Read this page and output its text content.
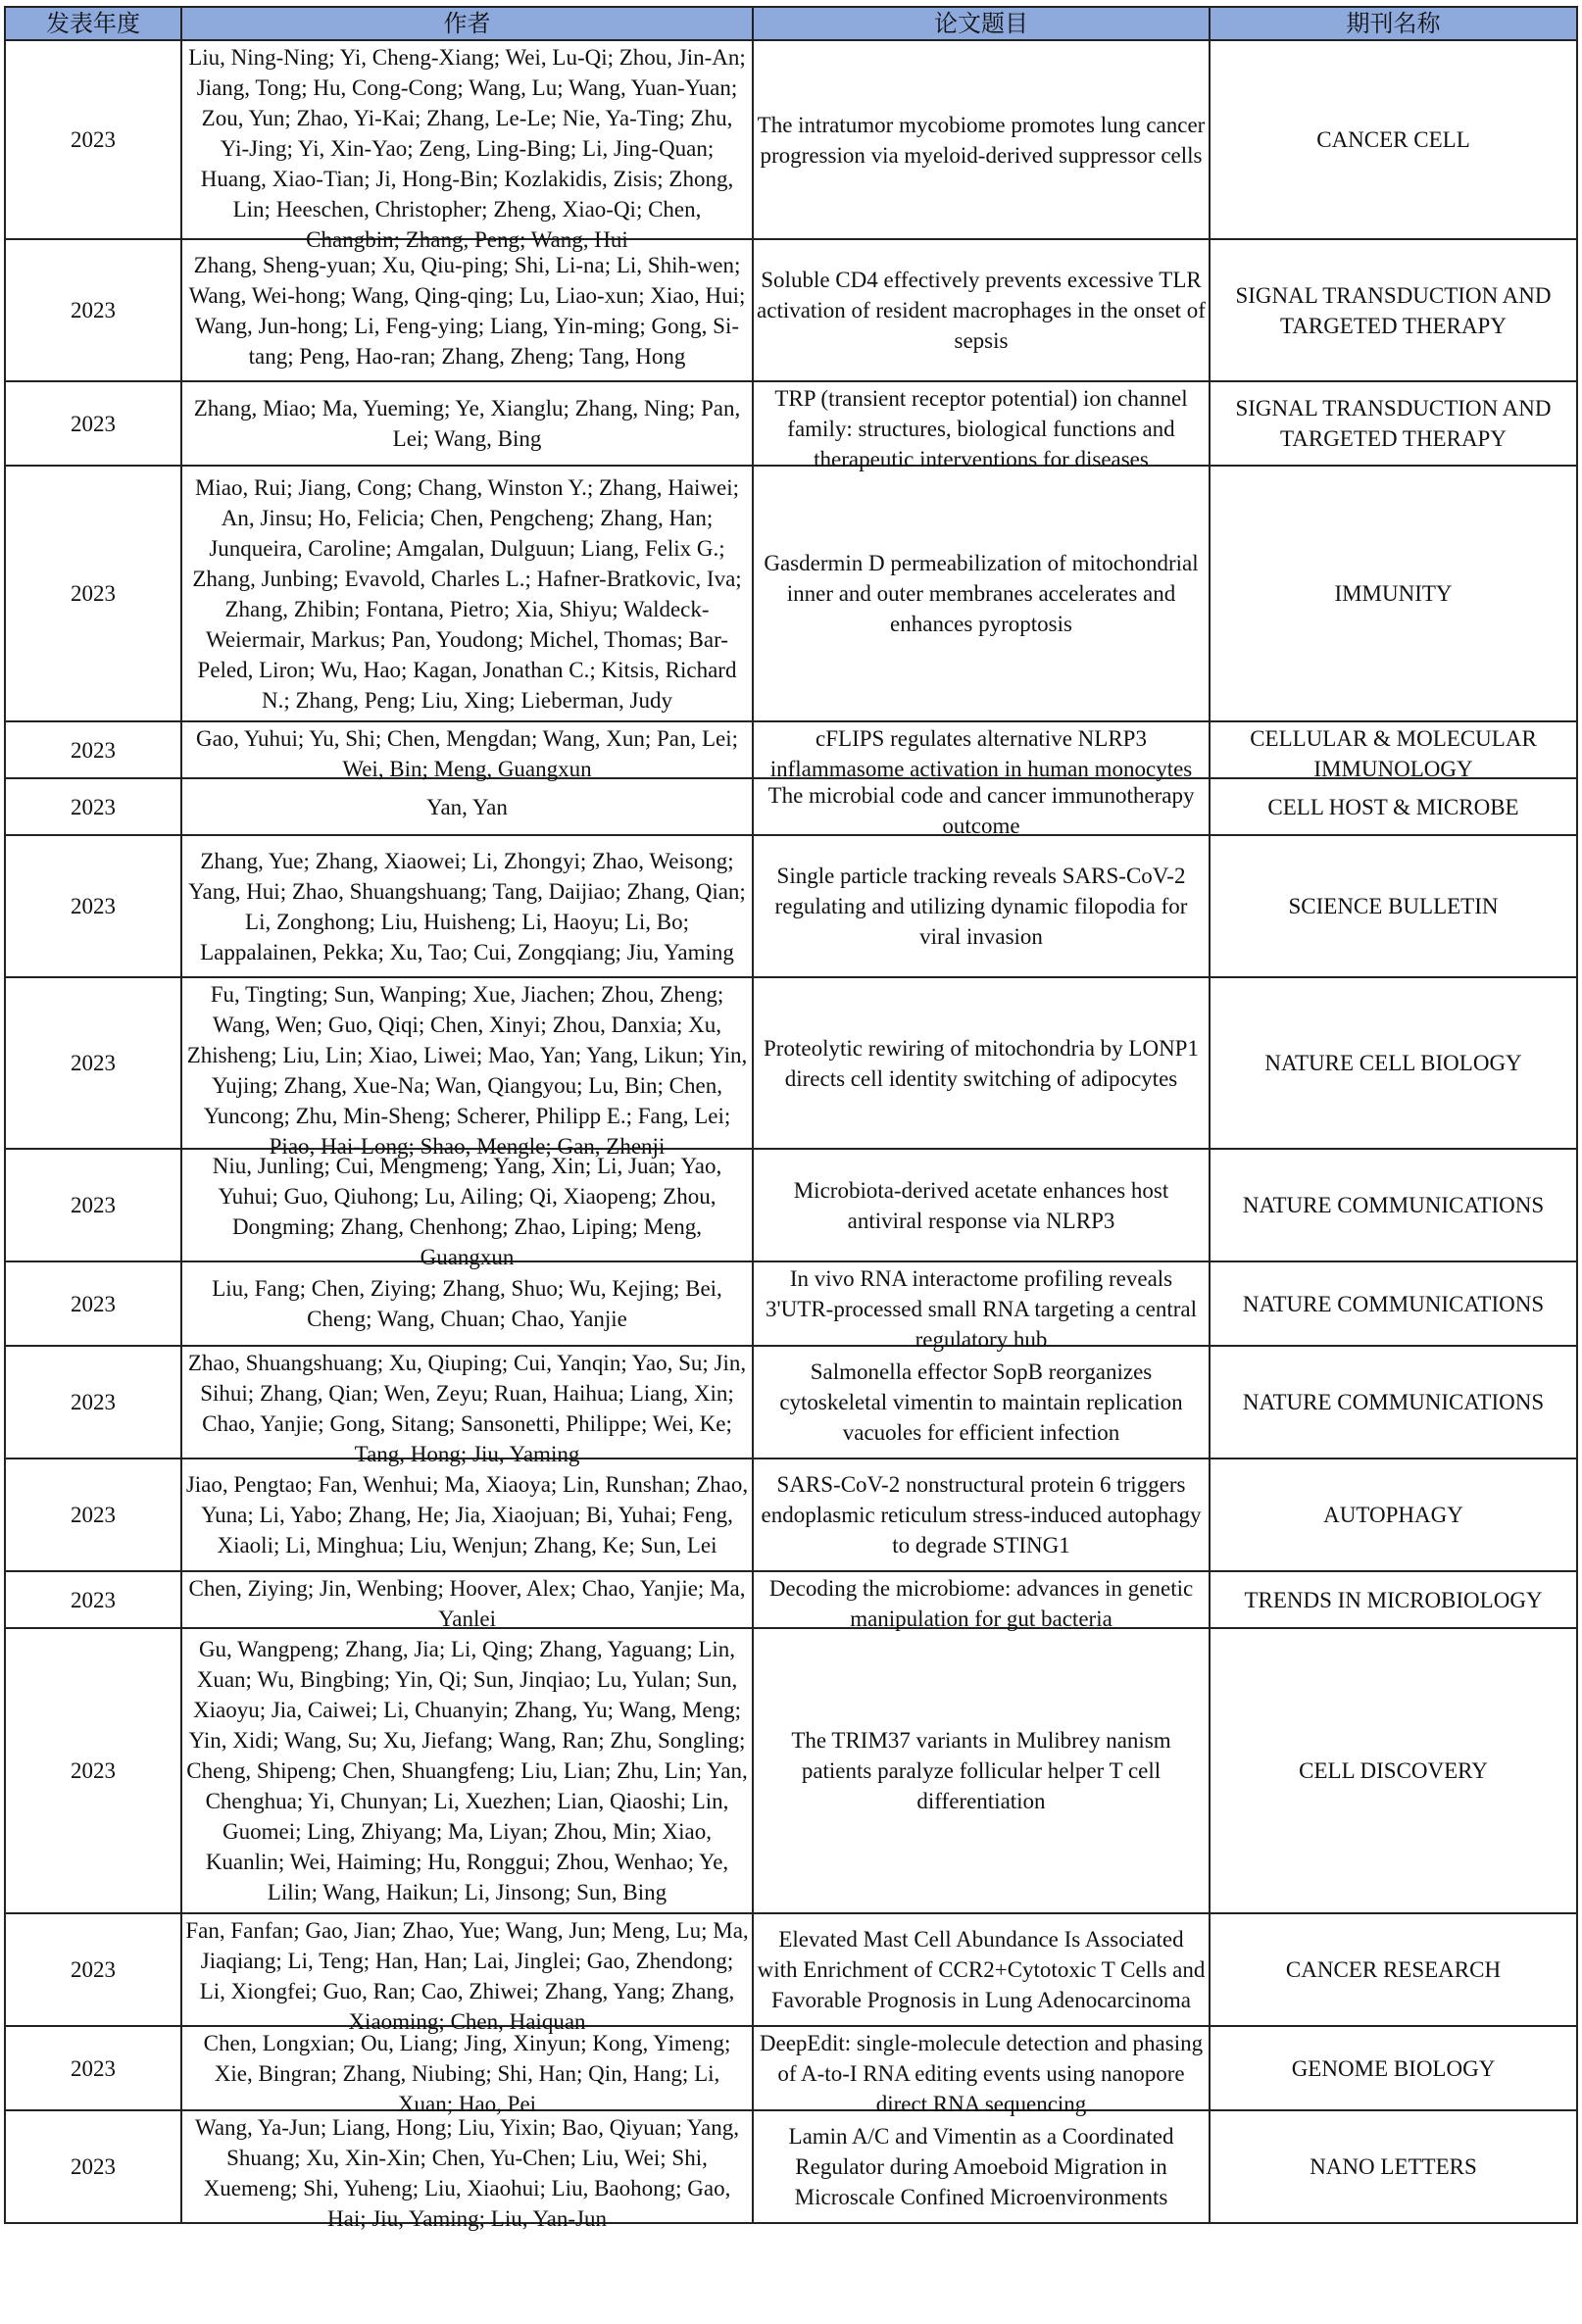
发表年度	作者	论文题目	期刊名称

2023	Liu, Ning-Ning; Yi, Cheng-Xiang; Wei, Lu-Qi; Zhou, Jin-An; Jiang, Tong; Hu, Cong-Cong; Wang, Lu; Wang, Yuan-Yuan; Zou, Yun; Zhao, Yi-Kai; Zhang, Le-Le; Nie, Ya-Ting; Zhu, Yi-Jing; Yi, Xin-Yao; Zeng, Ling-Bing; Li, Jing-Quan; Huang, Xiao-Tian; Ji, Hong-Bin; Kozlakidis, Zisis; Zhong, Lin; Heeschen, Christopher; Zheng, Xiao-Qi; Chen, Changbin; Zhang, Peng; Wang, Hui	The intratumor mycobiome promotes lung cancer progression via myeloid-derived suppressor cells	CANCER CELL

2023	Zhang, Sheng-yuan; Xu, Qiu-ping; Shi, Li-na; Li, Shih-wen; Wang, Wei-hong; Wang, Qing-qing; Lu, Liao-xun; Xiao, Hui; Wang, Jun-hong; Li, Feng-ying; Liang, Yin-ming; Gong, Si-tang; Peng, Hao-ran; Zhang, Zheng; Tang, Hong	Soluble CD4 effectively prevents excessive TLR activation of resident macrophages in the onset of sepsis	SIGNAL TRANSDUCTION AND TARGETED THERAPY

2023	Zhang, Miao; Ma, Yueming; Ye, Xianglu; Zhang, Ning; Pan, Lei; Wang, Bing	TRP (transient receptor potential) ion channel family: structures, biological functions and therapeutic interventions for diseases	SIGNAL TRANSDUCTION AND TARGETED THERAPY

2023	Miao, Rui; Jiang, Cong; Chang, Winston Y.; Zhang, Haiwei; An, Jinsu; Ho, Felicia; Chen, Pengcheng; Zhang, Han; Junqueira, Caroline; Amgalan, Dulguun; Liang, Felix G.; Zhang, Junbing; Evavold, Charles L.; Hafner-Bratkovic, Iva; Zhang, Zhibin; Fontana, Pietro; Xia, Shiyu; Waldeck-Weiermair, Markus; Pan, Youdong; Michel, Thomas; Bar-Peled, Liron; Wu, Hao; Kagan, Jonathan C.; Kitsis, Richard N.; Zhang, Peng; Liu, Xing; Lieberman, Judy	Gasdermin D permeabilization of mitochondrial inner and outer membranes accelerates and enhances pyroptosis	IMMUNITY

2023	Gao, Yuhui; Yu, Shi; Chen, Mengdan; Wang, Xun; Pan, Lei; Wei, Bin; Meng, Guangxun	cFLIPS regulates alternative NLRP3 inflammasome activation in human monocytes	CELLULAR & MOLECULAR IMMUNOLOGY

2023	Yan, Yan	The microbial code and cancer immunotherapy outcome	CELL HOST & MICROBE

2023	Zhang, Yue; Zhang, Xiaowei; Li, Zhongyi; Zhao, Weisong; Yang, Hui; Zhao, Shuangshuang; Tang, Daijiao; Zhang, Qian; Li, Zonghong; Liu, Huisheng; Li, Haoyu; Li, Bo; Lappalainen, Pekka; Xu, Tao; Cui, Zongqiang; Jiu, Yaming	Single particle tracking reveals SARS-CoV-2 regulating and utilizing dynamic filopodia for viral invasion	SCIENCE BULLETIN

2023	Fu, Tingting; Sun, Wanping; Xue, Jiachen; Zhou, Zheng; Wang, Wen; Guo, Qiqi; Chen, Xinyi; Zhou, Danxia; Xu, Zhisheng; Liu, Lin; Xiao, Liwei; Mao, Yan; Yang, Likun; Yin, Yujing; Zhang, Xue-Na; Wan, Qiangyou; Lu, Bin; Chen, Yuncong; Zhu, Min-Sheng; Scherer, Philipp E.; Fang, Lei; Piao, Hai-Long; Shao, Mengle; Gan, Zhenji	Proteolytic rewiring of mitochondria by LONP1 directs cell identity switching of adipocytes	NATURE CELL BIOLOGY

2023	Niu, Junling; Cui, Mengmeng; Yang, Xin; Li, Juan; Yao, Yuhui; Guo, Qiuhong; Lu, Ailing; Qi, Xiaopeng; Zhou, Dongming; Zhang, Chenhong; Zhao, Liping; Meng, Guangxun	Microbiota-derived acetate enhances host antiviral response via NLRP3	NATURE COMMUNICATIONS

2023	Liu, Fang; Chen, Ziying; Zhang, Shuo; Wu, Kejing; Bei, Cheng; Wang, Chuan; Chao, Yanjie	In vivo RNA interactome profiling reveals 3'UTR-processed small RNA targeting a central regulatory hub	NATURE COMMUNICATIONS

2023	Zhao, Shuangshuang; Xu, Qiuping; Cui, Yanqin; Yao, Su; Jin, Sihui; Zhang, Qian; Wen, Zeyu; Ruan, Haihua; Liang, Xin; Chao, Yanjie; Gong, Sitang; Sansonetti, Philippe; Wei, Ke; Tang, Hong; Jiu, Yaming	Salmonella effector SopB reorganizes cytoskeletal vimentin to maintain replication vacuoles for efficient infection	NATURE COMMUNICATIONS

2023	Jiao, Pengtao; Fan, Wenhui; Ma, Xiaoya; Lin, Runshan; Zhao, Yuna; Li, Yabo; Zhang, He; Jia, Xiaojuan; Bi, Yuhai; Feng, Xiaoli; Li, Minghua; Liu, Wenjun; Zhang, Ke; Sun, Lei	SARS-CoV-2 nonstructural protein 6 triggers endoplasmic reticulum stress-induced autophagy to degrade STING1	AUTOPHAGY

2023	Chen, Ziying; Jin, Wenbing; Hoover, Alex; Chao, Yanjie; Ma, Yanlei	Decoding the microbiome: advances in genetic manipulation for gut bacteria	TRENDS IN MICROBIOLOGY

2023	Gu, Wangpeng; Zhang, Jia; Li, Qing; Zhang, Yaguang; Lin, Xuan; Wu, Bingbing; Yin, Qi; Sun, Jinqiao; Lu, Yulan; Sun, Xiaoyu; Jia, Caiwei; Li, Chuanyin; Zhang, Yu; Wang, Meng; Yin, Xidi; Wang, Su; Xu, Jiefang; Wang, Ran; Zhu, Songling; Cheng, Shipeng; Chen, Shuangfeng; Liu, Lian; Zhu, Lin; Yan, Chenghua; Yi, Chunyan; Li, Xuezhen; Lian, Qiaoshi; Lin, Guomei; Ling, Zhiyang; Ma, Liyan; Zhou, Min; Xiao, Kuanlin; Wei, Haiming; Hu, Ronggui; Zhou, Wenhao; Ye, Lilin; Wang, Haikun; Li, Jinsong; Sun, Bing	The TRIM37 variants in Mulibrey nanism patients paralyze follicular helper T cell differentiation	CELL DISCOVERY

2023	Fan, Fanfan; Gao, Jian; Zhao, Yue; Wang, Jun; Meng, Lu; Ma, Jiaqiang; Li, Teng; Han, Han; Lai, Jinglei; Gao, Zhendong; Li, Xiongfei; Guo, Ran; Cao, Zhiwei; Zhang, Yang; Zhang, Xiaoming; Chen, Haiquan	Elevated Mast Cell Abundance Is Associated with Enrichment of CCR2+Cytotoxic T Cells and Favorable Prognosis in Lung Adenocarcinoma	CANCER RESEARCH

2023	Chen, Longxian; Ou, Liang; Jing, Xinyun; Kong, Yimeng; Xie, Bingran; Zhang, Niubing; Shi, Han; Qin, Hang; Li, Xuan; Hao, Pei	DeepEdit: single-molecule detection and phasing of A-to-I RNA editing events using nanopore direct RNA sequencing	GENOME BIOLOGY

2023	Wang, Ya-Jun; Liang, Hong; Liu, Yixin; Bao, Qiyuan; Yang, Shuang; Xu, Xin-Xin; Chen, Yu-Chen; Liu, Wei; Shi, Xuemeng; Shi, Yuheng; Liu, Xiaohui; Liu, Baohong; Gao, Hai; Jiu, Yaming; Liu, Yan-Jun	Lamin A/C and Vimentin as a Coordinated Regulator during Amoeboid Migration in Microscale Confined Microenvironments	NANO LETTERS
